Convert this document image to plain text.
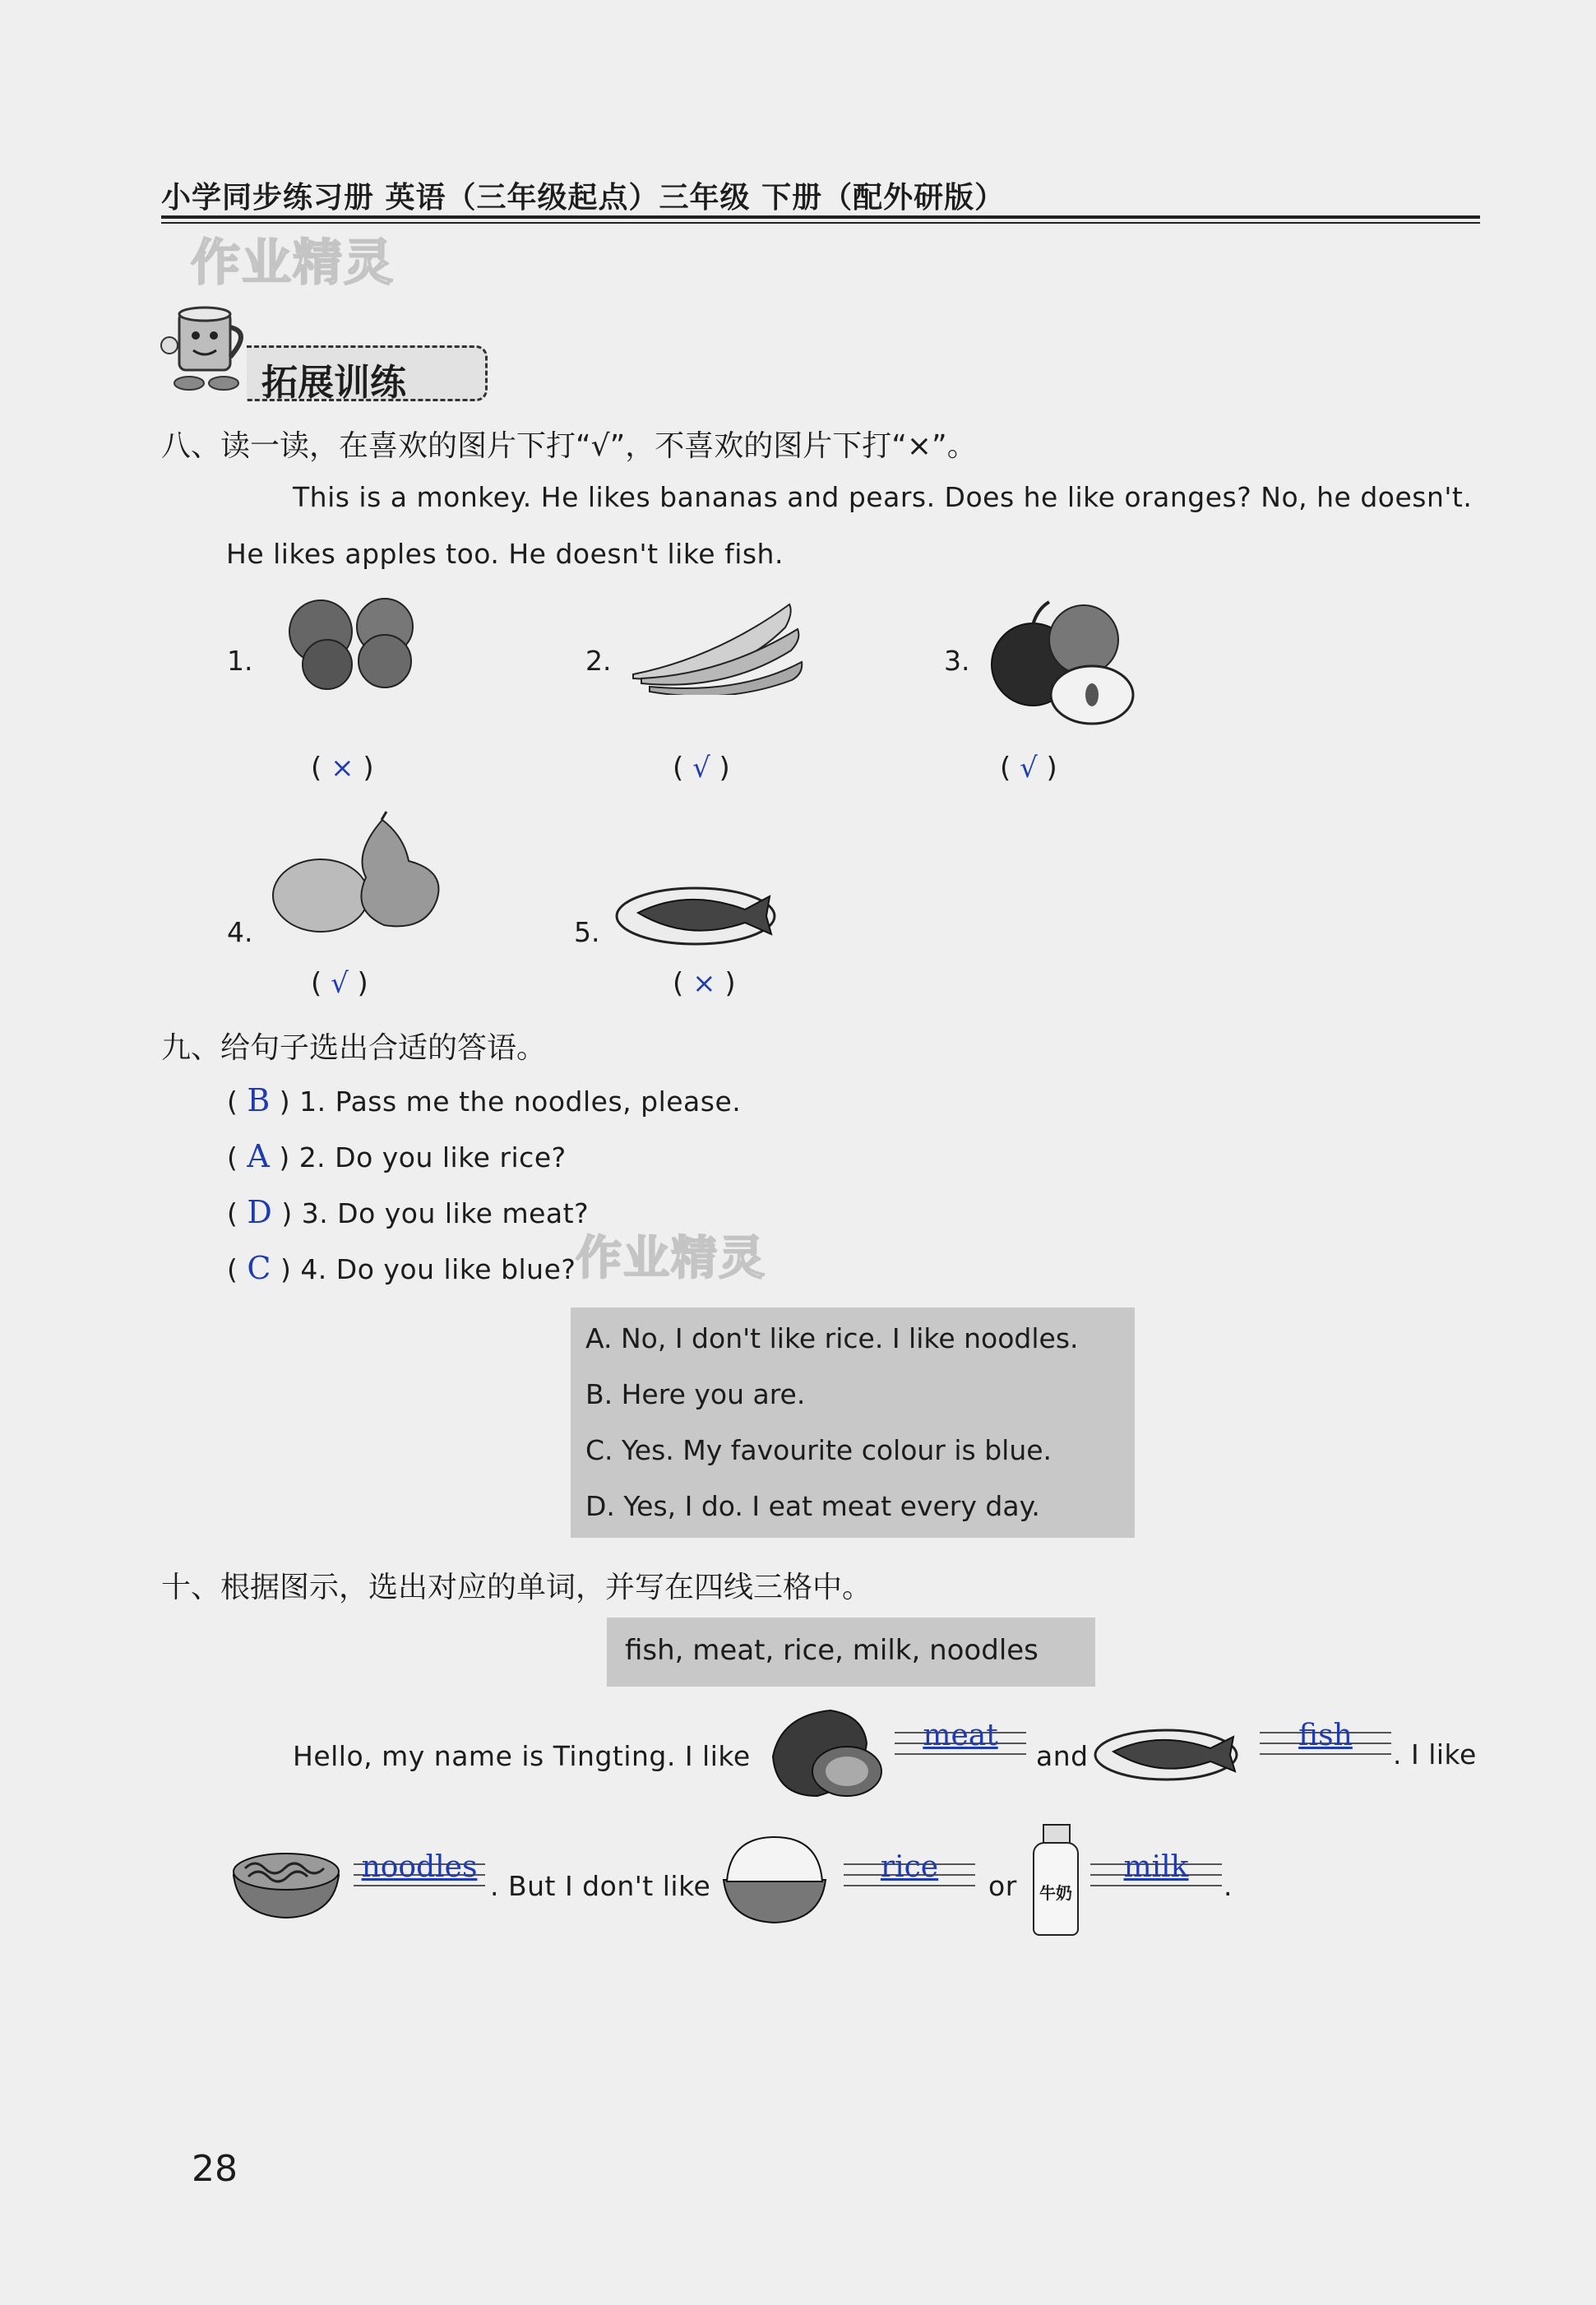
小学同步练习册 英语（三年级起点）三年级 下册（配外研版）
作业精灵
拓展训练
八、读一读，在喜欢的图片下打“√”，不喜欢的图片下打“×”。
This is a monkey. He likes bananas and pears. Does he like oranges? No, he doesn't.
He likes apples too. He doesn't like fish.
1.
( × )
2.
( √ )
3.
( √ )
4.
( √ )
5.
( × )
九、给句子选出合适的答语。
( B ) 1. Pass me the noodles, please.
( A ) 2. Do you like rice?
( D ) 3. Do you like meat?
( C ) 4. Do you like blue? 作业精灵
A. No, I don't like rice. I like noodles.
B. Here you are.
C. Yes. My favourite colour is blue.
D. Yes, I do. I eat meat every day.
十、根据图示，选出对应的单词，并写在四线三格中。
fish, meat, rice, milk, noodles
Hello, my name is Tingting. I like
meat
and
fish
. I like
noodles
. But I don't like
rice
or	牛奶
milk
.
28
